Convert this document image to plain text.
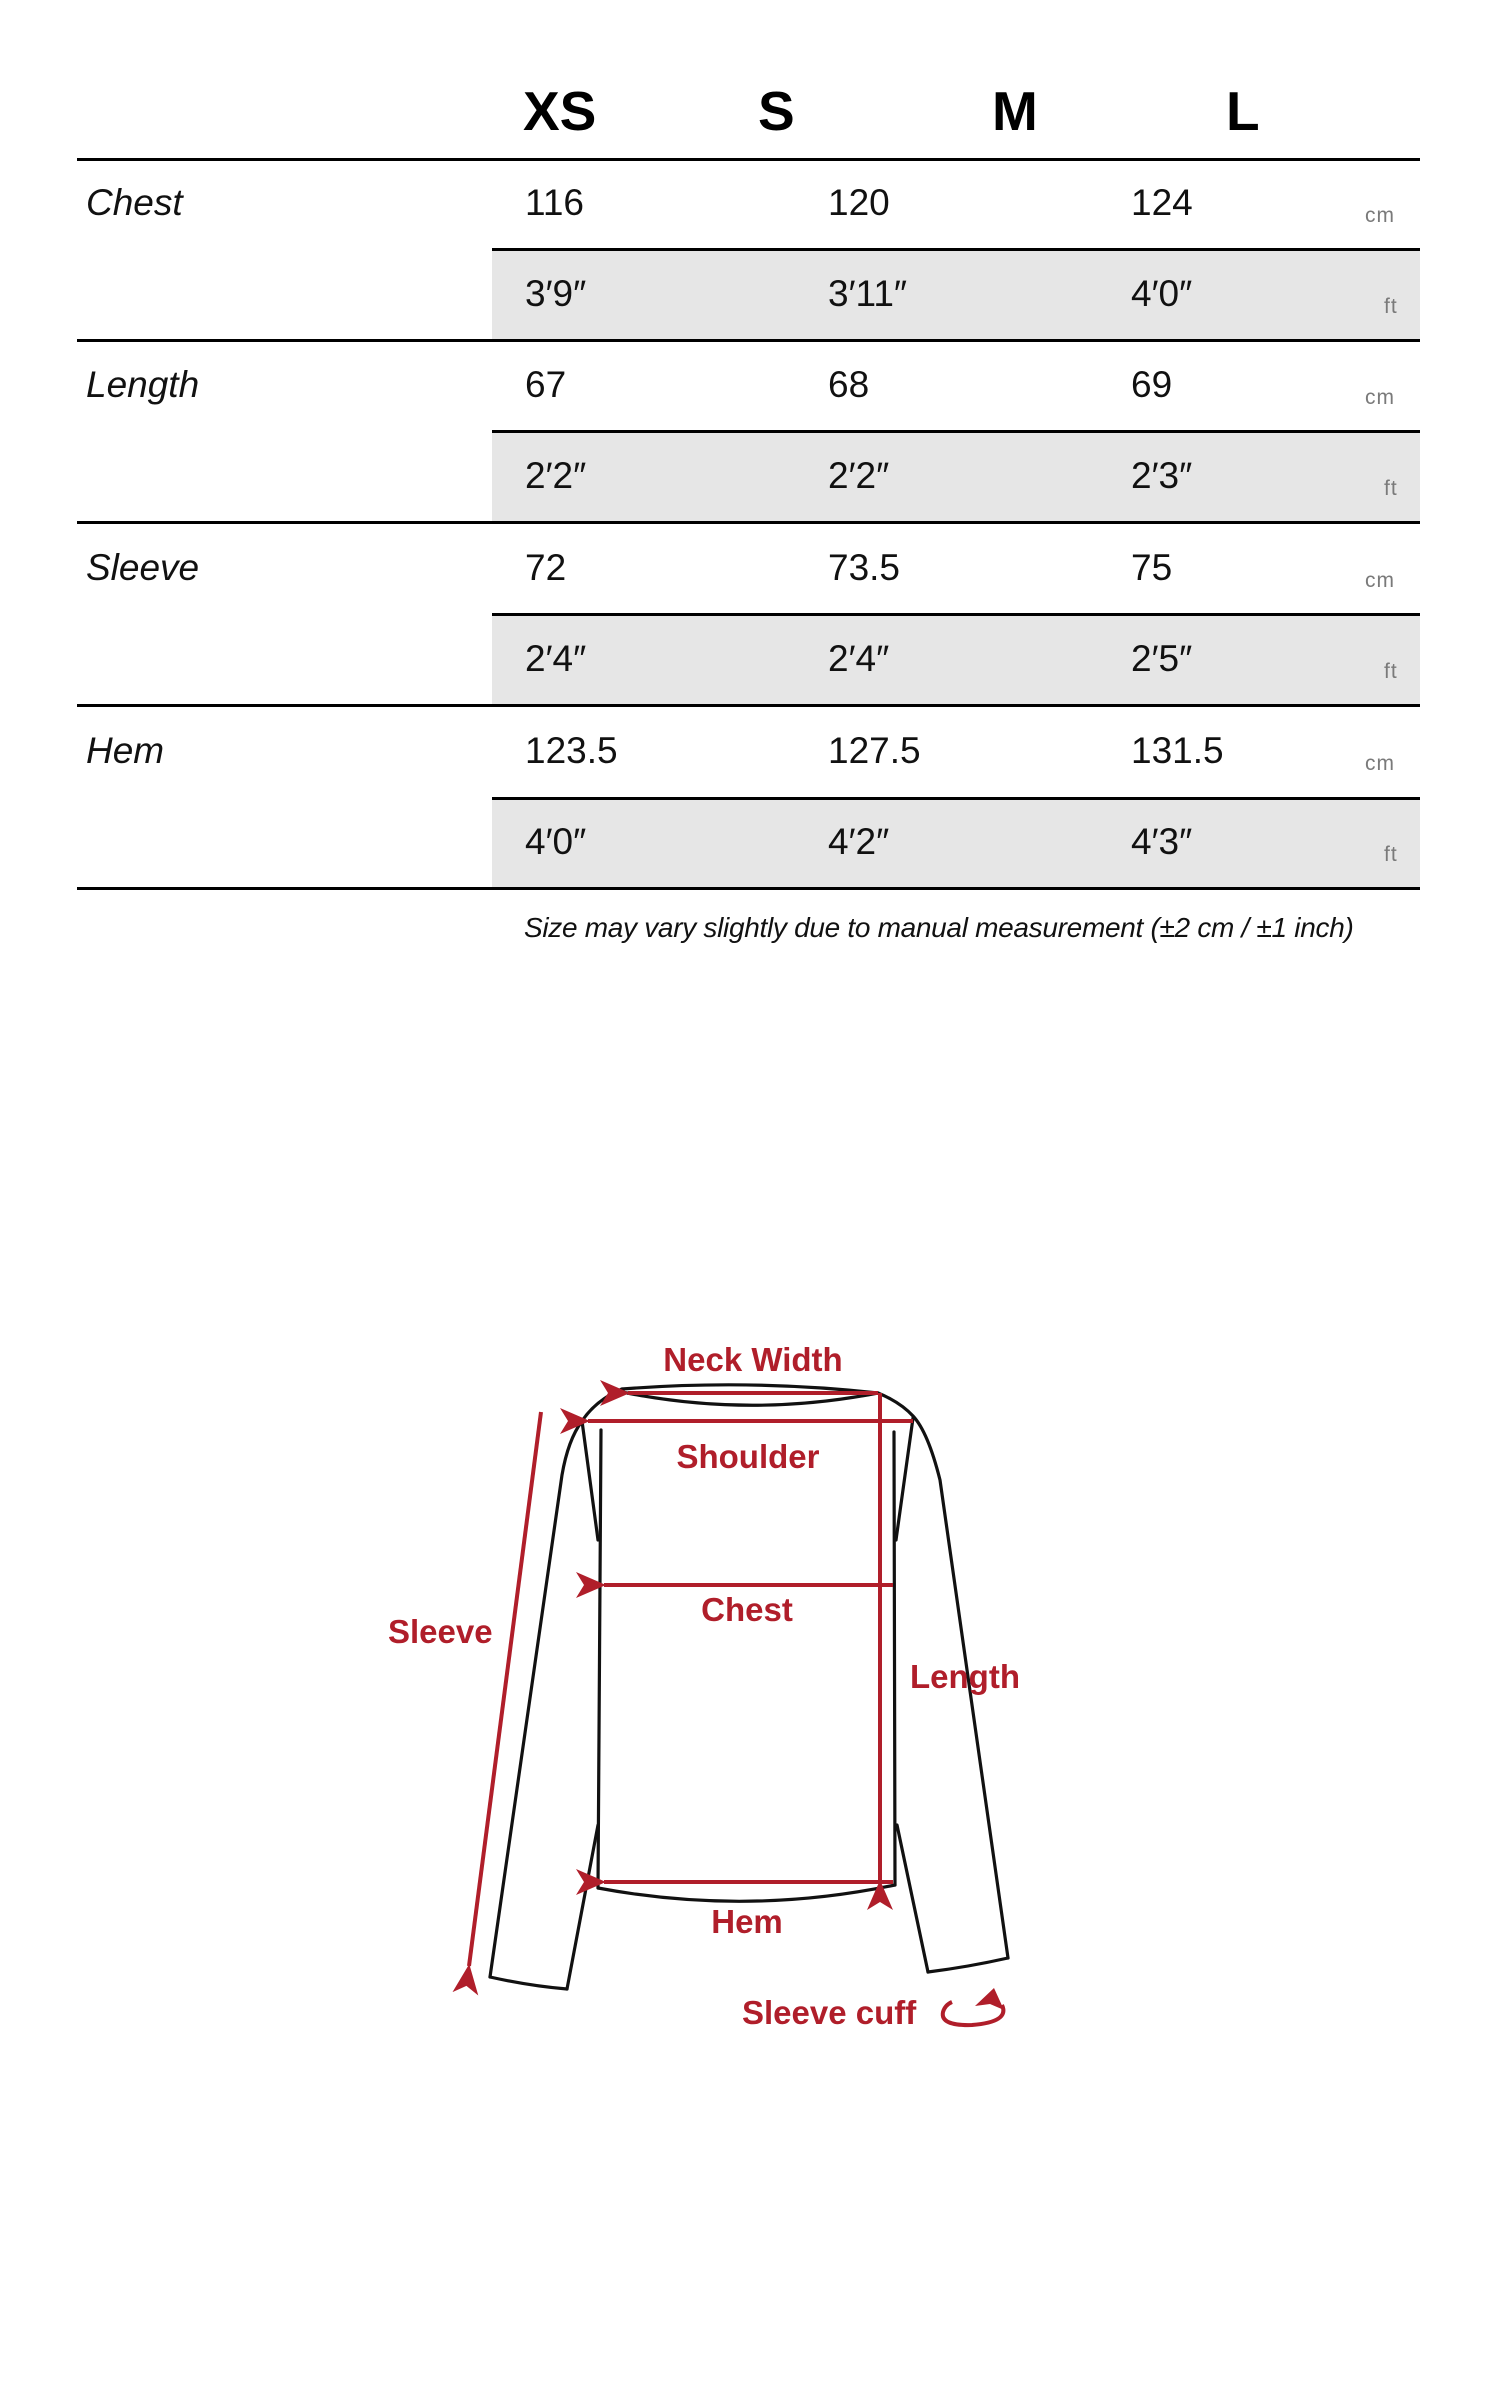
XS	S	M	L
Chest	116	120	124	cm
3′9″	3′11″	4′0″	ft
Length	67	68	69	cm
2′2″	2′2″	2′3″	ft
Sleeve	72	73.5	75	cm
2′4″	2′4″	2′5″	ft
Hem	123.5	127.5	131.5	cm
4′0″	4′2″	4′3″	ft
Size may vary slightly due to manual measurement (±2 cm / ±1 inch)
Neck Width
Shoulder
Chest
Sleeve
Length
Hem
Sleeve cuff
